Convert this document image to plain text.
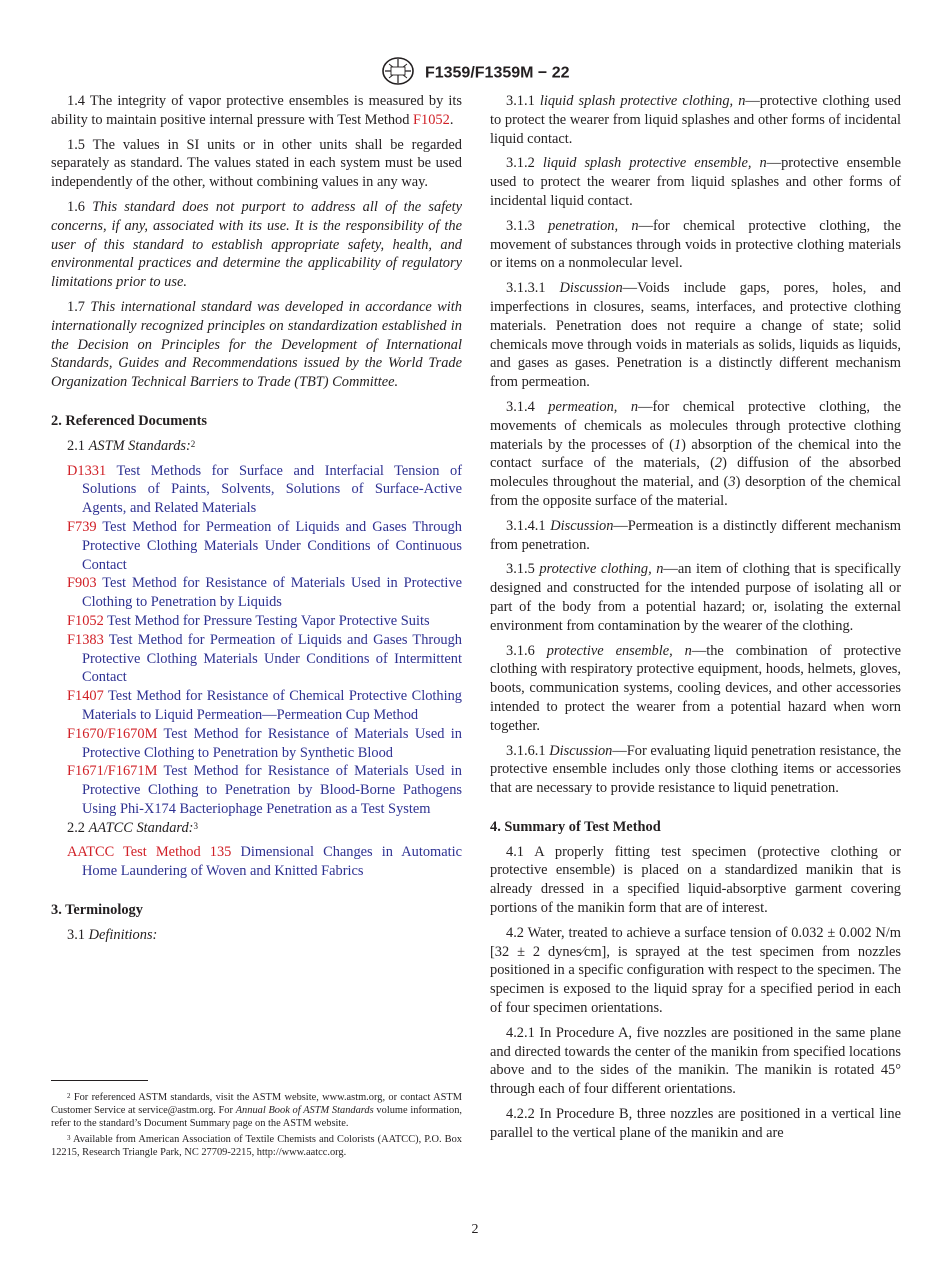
F1359/F1359M − 22

1.4 The integrity of vapor protective ensembles is measured by its ability to maintain positive internal pressure with Test Method F1052.

1.5 The values in SI units or in other units shall be regarded separately as standard. The values stated in each system must be used independently of the other, without combining values in any way.

1.6 This standard does not purport to address all of the safety concerns, if any, associated with its use. It is the responsibility of the user of this standard to establish appropriate safety, health, and environmental practices and determine the applicability of regulatory limitations prior to use.

1.7 This international standard was developed in accordance with internationally recognized principles on standardization established in the Decision on Principles for the Development of International Standards, Guides and Recommendations issued by the World Trade Organization Technical Barriers to Trade (TBT) Committee.

2. Referenced Documents

2.1 ASTM Standards:$^2$

D1331 Test Methods for Surface and Interfacial Tension of Solutions of Paints, Solvents, Solutions of Surface-Active Agents, and Related Materials
F739 Test Method for Permeation of Liquids and Gases Through Protective Clothing Materials Under Conditions of Continuous Contact
F903 Test Method for Resistance of Materials Used in Protective Clothing to Penetration by Liquids
F1052 Test Method for Pressure Testing Vapor Protective Suits
F1383 Test Method for Permeation of Liquids and Gases Through Protective Clothing Materials Under Conditions of Intermittent Contact
F1407 Test Method for Resistance of Chemical Protective Clothing Materials to Liquid Permeation—Permeation Cup Method
F1670/F1670M Test Method for Resistance of Materials Used in Protective Clothing to Penetration by Synthetic Blood
F1671/F1671M Test Method for Resistance of Materials Used in Protective Clothing to Penetration by Blood-Borne Pathogens Using Phi-X174 Bacteriophage Penetration as a Test System

2.2 AATCC Standard:$^3$

AATCC Test Method 135 Dimensional Changes in Automatic Home Laundering of Woven and Knitted Fabrics
3. Terminology

3.1 Definitions:

$^2$ For referenced ASTM standards, visit the ASTM website, www.astm.org, or contact ASTM Customer Service at service@astm.org. For Annual Book of ASTM Standards volume information, refer to the standard’s Document Summary page on the ASTM website.

$^3$ Available from American Association of Textile Chemists and Colorists (AATCC), P.O. Box 12215, Research Triangle Park, NC 27709-2215, http://www.aatcc.org.

3.1.1 liquid splash protective clothing, n—protective clothing used to protect the wearer from liquid splashes and other forms of incidental liquid contact.

3.1.2 liquid splash protective ensemble, n—protective ensemble used to protect the wearer from liquid splashes and other forms of incidental liquid contact.

3.1.3 penetration, n—for chemical protective clothing, the movement of substances through voids in protective clothing materials or items on a nonmolecular level.

3.1.3.1 Discussion—Voids include gaps, pores, holes, and imperfections in closures, seams, interfaces, and protective clothing materials. Penetration does not require a change of state; solid chemicals move through voids in materials as solids, liquids as liquids, and gases as gases. Penetration is a distinctly different mechanism from permeation.

3.1.4 permeation, n—for chemical protective clothing, the movements of chemicals as molecules through protective clothing materials by the processes of (1) absorption of the chemical into the contact surface of the materials, (2) diffusion of the absorbed molecules throughout the material, and (3) desorption of the chemical from the opposite surface of the material.

3.1.4.1 Discussion—Permeation is a distinctly different mechanism from penetration.

3.1.5 protective clothing, n—an item of clothing that is specifically designed and constructed for the intended purpose of isolating all or part of the body from a potential hazard; or, isolating the external environment from contamination by the wearer of the clothing.

3.1.6 protective ensemble, n—the combination of protective clothing with respiratory protective equipment, hoods, helmets, gloves, boots, communication systems, cooling devices, and other accessories intended to protect the wearer from a potential hazard when worn together.

3.1.6.1 Discussion—For evaluating liquid penetration resistance, the protective ensemble includes only those clothing items or accessories that are necessary to provide resistance to liquid penetration.

4. Summary of Test Method

4.1 A properly fitting test specimen (protective clothing or protective ensemble) is placed on a standardized manikin that is already dressed in a specified liquid-absorptive garment covering portions of the manikin form that are of interest.

4.2 Water, treated to achieve a surface tension of 0.032 ± 0.002 N/m [32 ± 2 dynes⁄cm], is sprayed at the test specimen from nozzles positioned in a specific configuration with respect to the specimen. The specimen is exposed to the liquid spray for a specified period in each of four specimen orientations.

4.2.1 In Procedure A, five nozzles are positioned in the same plane and directed towards the center of the manikin from specified locations above and to the sides of the manikin. The manikin is rotated 45° through each of four different orientations.

4.2.2 In Procedure B, three nozzles are positioned in a vertical line parallel to the vertical plane of the manikin and are

2
